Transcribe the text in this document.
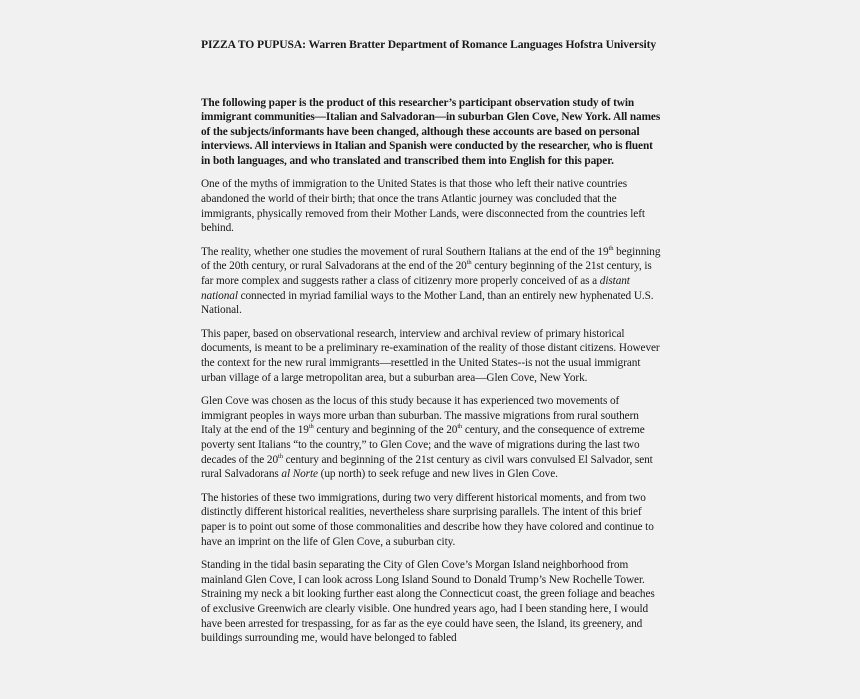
PIZZA TO PUPUSA: Warren Bratter Department of Romance Languages Hofstra University

The following paper is the product of this researcher’s participant observation study of twin immigrant communities—Italian and Salvadoran—in suburban Glen Cove, New York. All names of the subjects/informants have been changed, although these accounts are based on personal interviews. All interviews in Italian and Spanish were conducted by the researcher, who is fluent in both languages, and who translated and transcribed them into English for this paper.

One of the myths of immigration to the United States is that those who left their native countries abandoned the world of their birth; that once the trans Atlantic journey was concluded that the immigrants, physically removed from their Mother Lands, were disconnected from the countries left behind.

The reality, whether one studies the movement of rural Southern Italians at the end of the 19th beginning of the 20th century, or rural Salvadorans at the end of the 20th century beginning of the 21st century, is far more complex and suggests rather a class of citizenry more properly conceived of as a distant national connected in myriad familial ways to the Mother Land, than an entirely new hyphenated U.S. National.

This paper, based on observational research, interview and archival review of primary historical documents, is meant to be a preliminary re-examination of the reality of those distant citizens. However the context for the new rural immigrants—resettled in the United States--is not the usual immigrant urban village of a large metropolitan area, but a suburban area—Glen Cove, New York.

Glen Cove was chosen as the locus of this study because it has experienced two movements of immigrant peoples in ways more urban than suburban. The massive migrations from rural southern Italy at the end of the 19th century and beginning of the 20th century, and the consequence of extreme poverty sent Italians “to the country,” to Glen Cove; and the wave of migrations during the last two decades of the 20th century and beginning of the 21st century as civil wars convulsed El Salvador, sent rural Salvadorans al Norte (up north) to seek refuge and new lives in Glen Cove.

The histories of these two immigrations, during two very different historical moments, and from two distinctly different historical realities, nevertheless share surprising parallels. The intent of this brief paper is to point out some of those commonalities and describe how they have colored and continue to have an imprint on the life of Glen Cove, a suburban city.

Standing in the tidal basin separating the City of Glen Cove’s Morgan Island neighborhood from mainland Glen Cove, I can look across Long Island Sound to Donald Trump’s New Rochelle Tower. Straining my neck a bit looking further east along the Connecticut coast, the green foliage and beaches of exclusive Greenwich are clearly visible. One hundred years ago, had I been standing here, I would have been arrested for trespassing, for as far as the eye could have seen, the Island, its greenery, and buildings surrounding me, would have belonged to fabled
